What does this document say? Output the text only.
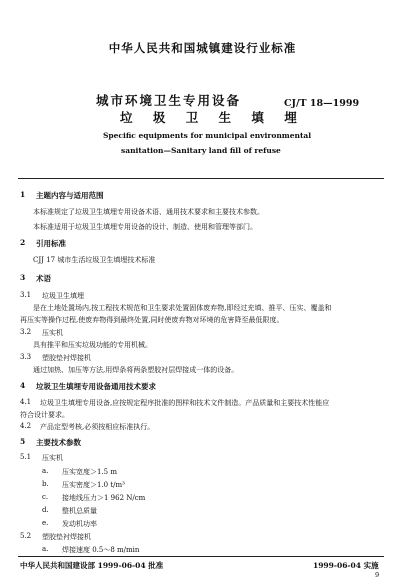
中华人民共和国城镇建设行业标准
城市环境卫生专用设备
垃 圾 卫 生 填 埋
CJ/T 18—1999
Specific equipments for municipal environmental
sanitation—Sanitary land fill of refuse
1 主题内容与适用范围
本标准规定了垃圾卫生填埋专用设备术语、通用技术要求和主要技术参数。
本标准适用于垃圾卫生填埋专用设备的设计、制造、使用和管理等部门。
2 引用标准
CJJ 17 城市生活垃圾卫生填埋技术标准
3 术语
3.1 垃圾卫生填埋
是在土地处置场内,按工程技术规范和卫生要求处置固体废弃物,即经过充填、推平、压实、覆盖和
再压实等操作过程,使废弃物得到最终处置,同时使废弃物对环境的危害降至最低限度。
3.2 压实机
具有推平和压实垃圾功能的专用机械。
3.3 塑胶垫衬焊接机
通过加热、加压等方法,用焊条将两条塑胶衬层焊接成一体的设备。
4 垃圾卫生填埋专用设备通用技术要求
4.1 垃圾卫生填埋专用设备,应按规定程序批准的图样和技术文件制造。产品质量和主要技术性能应
符合设计要求。
4.2 产品定型考核,必须按相应标准执行。
5 主要技术参数
5.1 压实机
a. 压实宽度＞1.5 m
b. 压实密度＞1.0 t/m³
c. 接地线压力＞1 962 N/cm
d. 整机总质量
e. 发动机功率
5.2 塑胶垫衬焊接机
a. 焊接速度 0.5～8 m/min
中华人民共和国建设部 1999-06-04 批准	1999-06-04 实施
9
